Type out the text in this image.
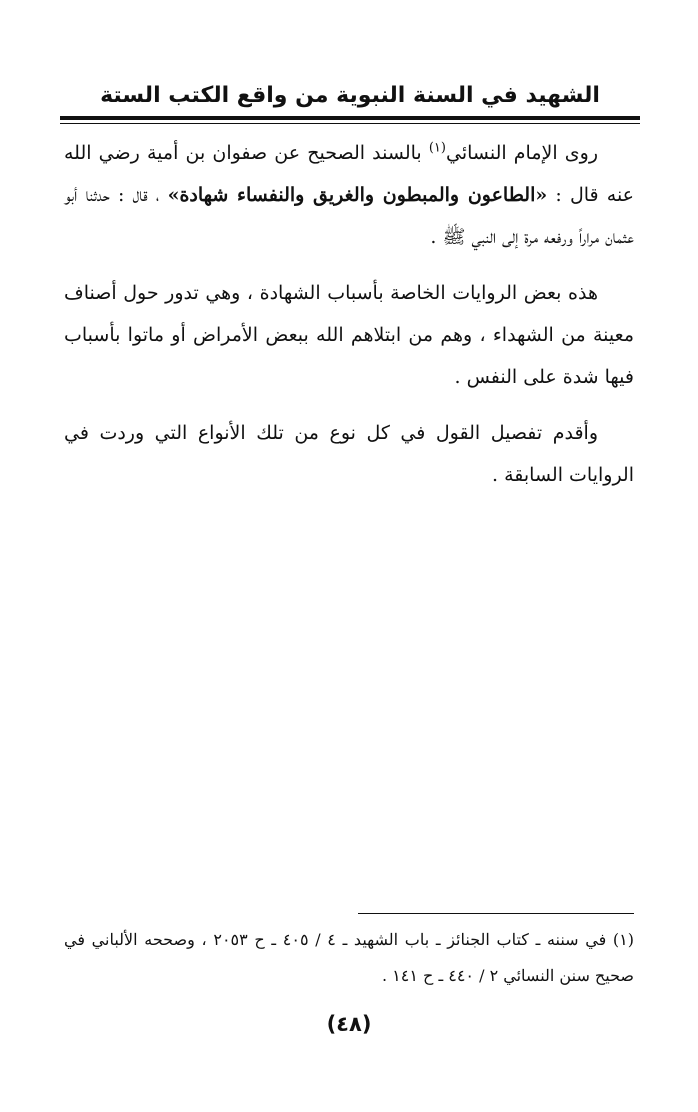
الشهيد في السنة النبوية من واقع الكتب الستة

روى الإمام النسائي$^{(١)}$ بالسند الصحيح عن صفوان بن أمية رضي الله عنه قال : «الطاعون والمبطون والغريق والنفساء شهادة» ، قال : حدثنا أبو عثمان مراراً ورفعه مرة إلى النبي ﷺ .

هذه بعض الروايات الخاصة بأسباب الشهادة ، وهي تدور حول أصناف معينة من الشهداء ، وهم من ابتلاهم الله ببعض الأمراض أو ماتوا بأسباب فيها شدة على النفس .

وأقدم تفصيل القول في كل نوع من تلك الأنواع التي وردت في الروايات السابقة .

(١) في سننه ـ كتاب الجنائز ـ باب الشهيد ـ ٤ / ٤٠٥ ـ ح ٢٠٥٣ ، وصححه الألباني في صحيح سنن النسائي ٢ / ٤٤٠ ـ ح ١٤١ .

(٤٨)
